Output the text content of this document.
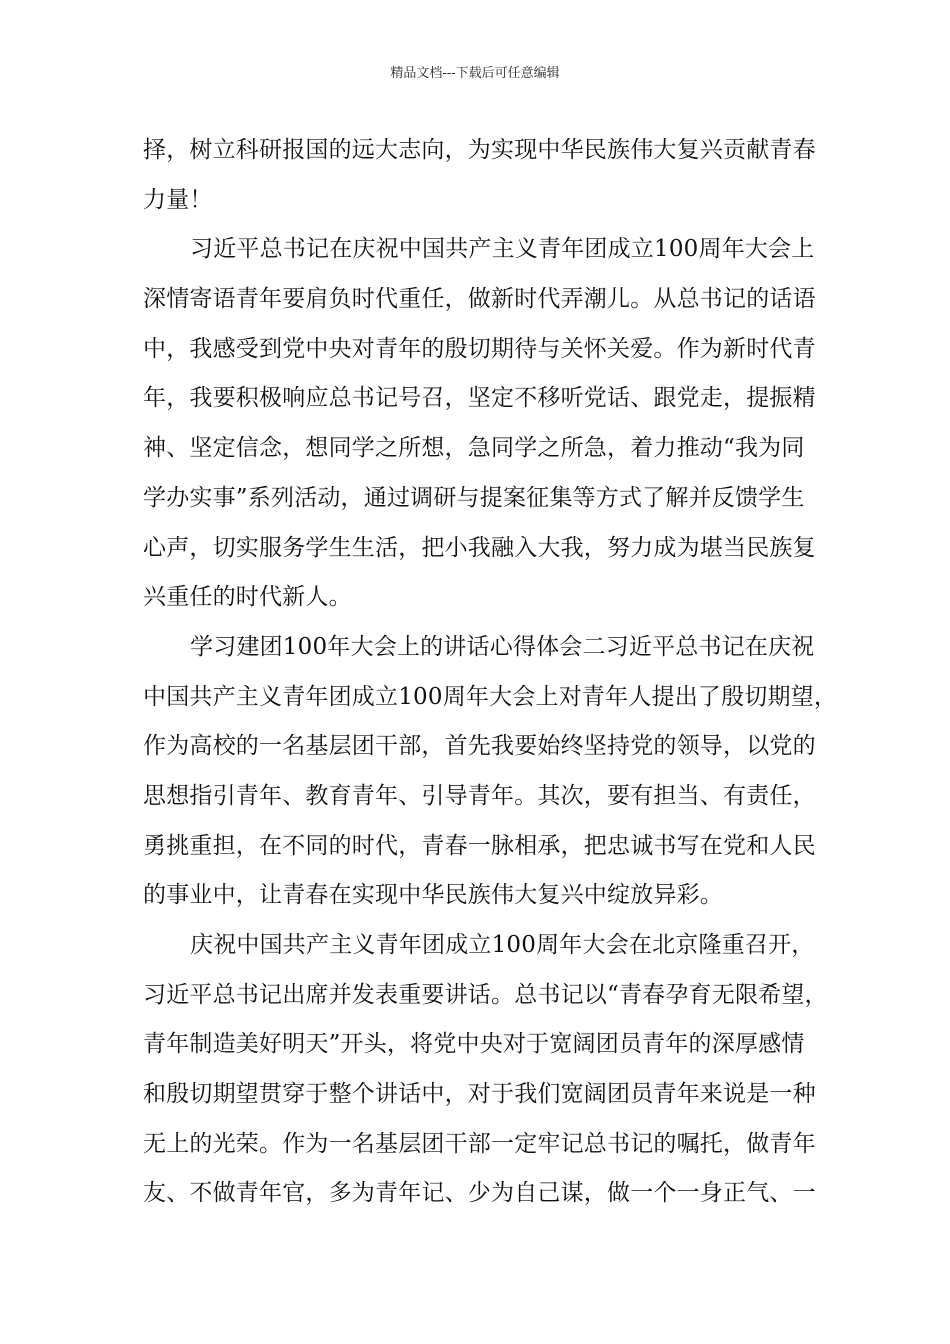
精品文档---下载后可任意编辑
择，树立科研报国的远大志向，为实现中华民族伟大复兴贡献青春
力量！
习近平总书记在庆祝中国共产主义青年团成立100周年大会上
深情寄语青年要肩负时代重任，做新时代弄潮儿。从总书记的话语
中，我感受到党中央对青年的殷切期待与关怀关爱。作为新时代青
年，我要积极响应总书记号召，坚定不移听党话、跟党走，提振精
神、坚定信念，想同学之所想，急同学之所急，着力推动“我为同
学办实事”系列活动，通过调研与提案征集等方式了解并反馈学生
心声，切实服务学生生活，把小我融入大我，努力成为堪当民族复
兴重任的时代新人。
学习建团100年大会上的讲话心得体会二习近平总书记在庆祝
中国共产主义青年团成立100周年大会上对青年人提出了殷切期望，
作为高校的一名基层团干部，首先我要始终坚持党的领导，以党的
思想指引青年、教育青年、引导青年。其次，要有担当、有责任，
勇挑重担，在不同的时代，青春一脉相承，把忠诚书写在党和人民
的事业中，让青春在实现中华民族伟大复兴中绽放异彩。
庆祝中国共产主义青年团成立100周年大会在北京隆重召开，
习近平总书记出席并发表重要讲话。总书记以“青春孕育无限希望，
青年制造美好明天”开头，将党中央对于宽阔团员青年的深厚感情
和殷切期望贯穿于整个讲话中，对于我们宽阔团员青年来说是一种
无上的光荣。作为一名基层团干部一定牢记总书记的嘱托，做青年
友、不做青年官，多为青年记、少为自己谋，做一个一身正气、一
